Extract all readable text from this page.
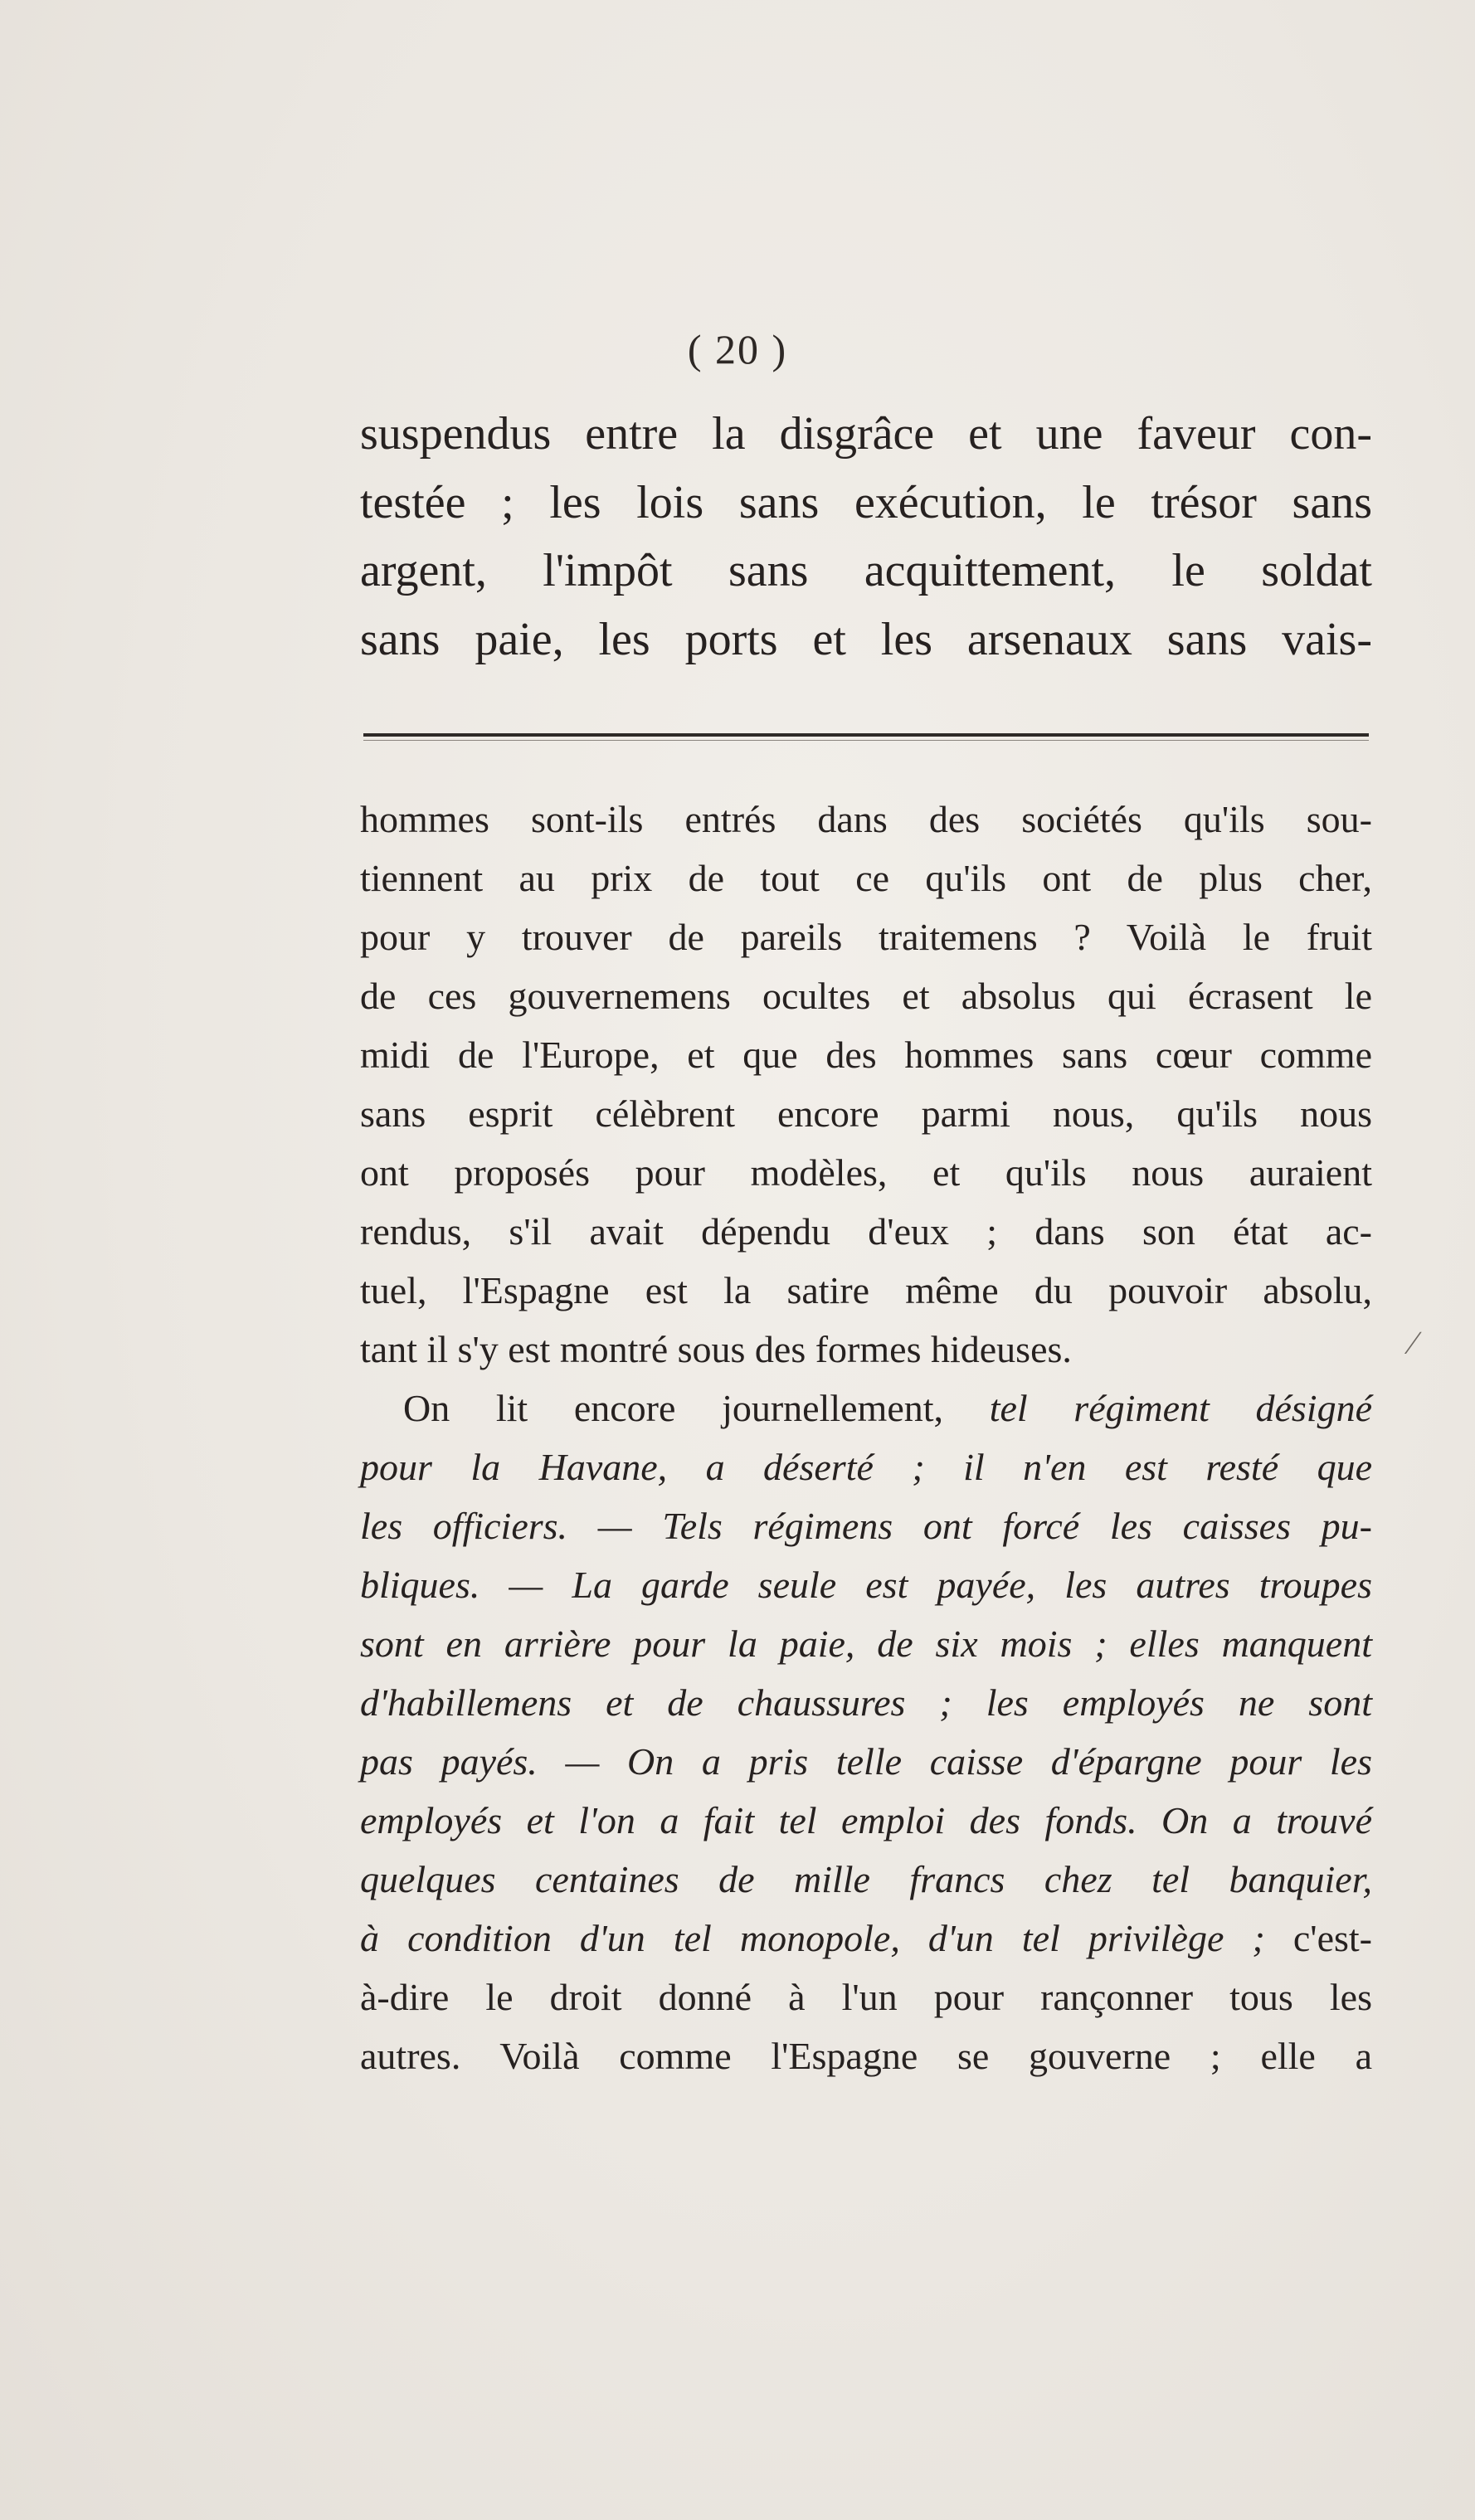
( 20 )
suspendus entre la disgrâce et une faveur con-
testée ; les lois sans exécution, le trésor sans
argent, l'impôt sans acquittement, le soldat
sans paie, les ports et les arsenaux sans vais-
hommes sont-ils entrés dans des sociétés qu'ils sou-
tiennent au prix de tout ce qu'ils ont de plus cher,
pour y trouver de pareils traitemens ? Voilà le fruit
de ces gouvernemens ocultes et absolus qui écrasent le
midi de l'Europe, et que des hommes sans cœur comme
sans esprit célèbrent encore parmi nous, qu'ils nous
ont proposés pour modèles, et qu'ils nous auraient
rendus, s'il avait dépendu d'eux ; dans son état ac-
tuel, l'Espagne est la satire même du pouvoir absolu,
tant il s'y est montré sous des formes hideuses.
On lit encore journellement, tel régiment désigné
pour la Havane, a déserté ; il n'en est resté que
les officiers. — Tels régimens ont forcé les caisses pu-
bliques. — La garde seule est payée, les autres troupes
sont en arrière pour la paie, de six mois ; elles manquent
d'habillemens et de chaussures ; les employés ne sont
pas payés. — On a pris telle caisse d'épargne pour les
employés et l'on a fait tel emploi des fonds. On a trouvé
quelques centaines de mille francs chez tel banquier,
à condition d'un tel monopole, d'un tel privilège ; c'est-
à-dire le droit donné à l'un pour rançonner tous les
autres. Voilà comme l'Espagne se gouverne ; elle a
∕
